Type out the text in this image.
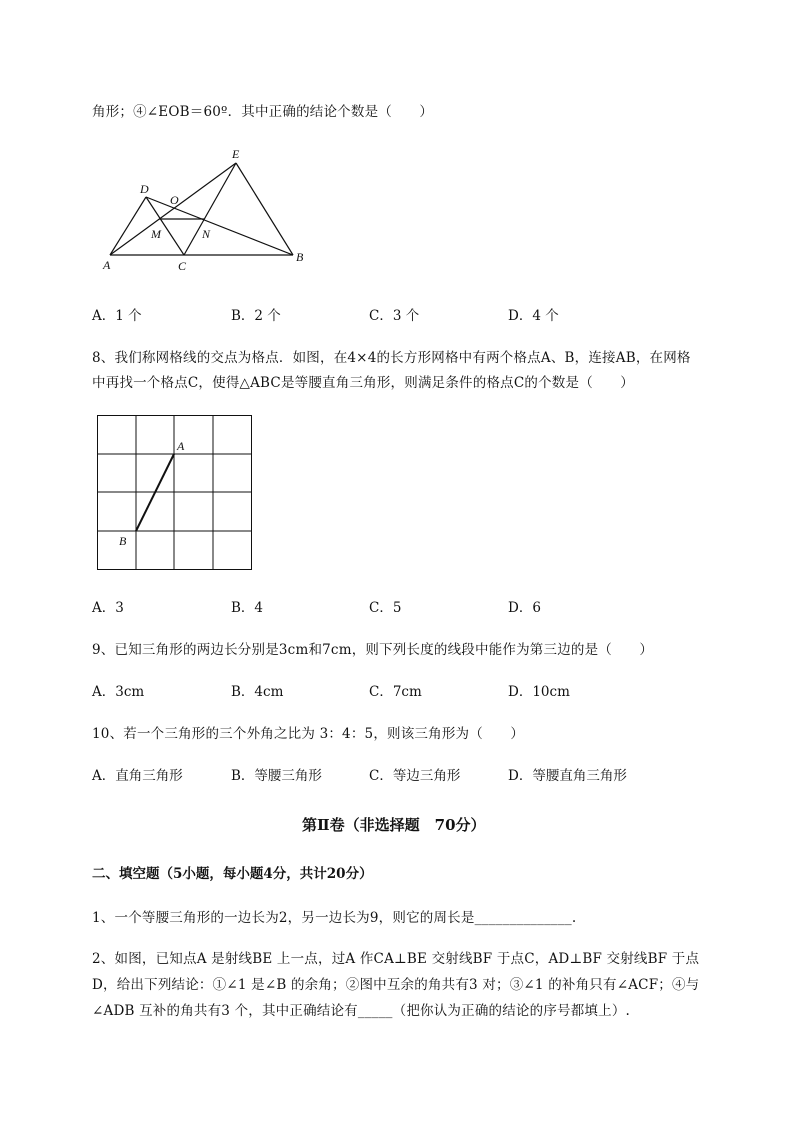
角形；④∠EOB＝60º．其中正确的结论个数是（　　）
E
D
O
M	N
A	C
B
A．1 个	B．2 个	C．3 个	D．4 个
8、我们称网格线的交点为格点．如图，在4×4的长方形网格中有两个格点A、B，连接AB，在网格
中再找一个格点C，使得△ABC是等腰直角三角形，则满足条件的格点C的个数是（　　）
A
B
A．3	B．4	C．5	D．6
9、已知三角形的两边长分别是3cm和7cm，则下列长度的线段中能作为第三边的是（　　）
A．3cm	B．4cm	C．7cm	D．10cm
10、若一个三角形的三个外角之比为 3：4：5，则该三角形为（　　）
A．直角三角形	B．等腰三角形	C．等边三角形	D．等腰直角三角形
第Ⅱ卷（非选择题　70分）
二、填空题（5小题，每小题4分，共计20分）
1、一个等腰三角形的一边长为2，另一边长为9，则它的周长是______________.
2、如图，已知点A 是射线BE 上一点，过A 作CA⊥BE 交射线BF 于点C，AD⊥BF 交射线BF 于点
D，给出下列结论：①∠1 是∠B 的余角；②图中互余的角共有3 对；③∠1 的补角只有∠ACF；④与
∠ADB 互补的角共有3 个，其中正确结论有_____（把你认为正确的结论的序号都填上）.
